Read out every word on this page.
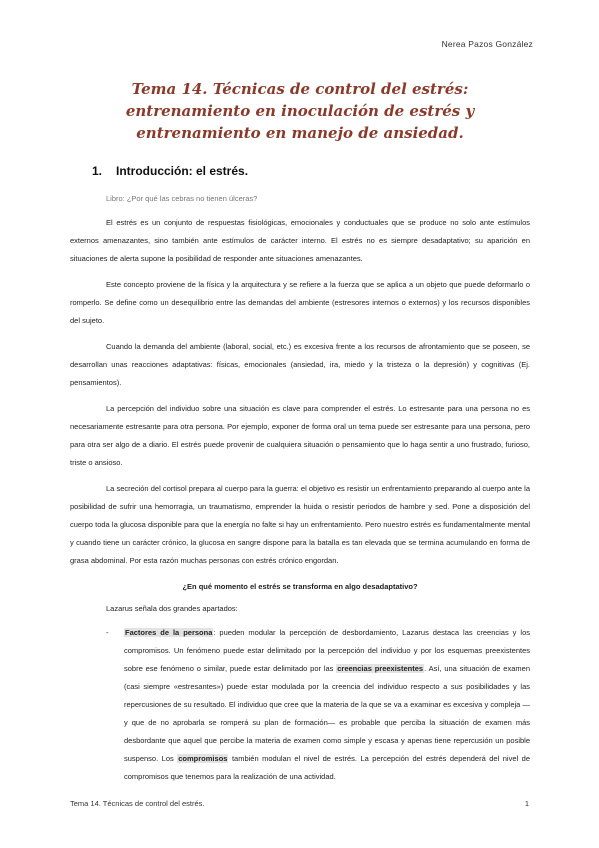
Nerea Pazos González
Tema 14. Técnicas de control del estrés: entrenamiento en inoculación de estrés y entrenamiento en manejo de ansiedad.
1. Introducción: el estrés.

Libro: ¿Por qué las cebras no tienen úlceras?

El estrés es un conjunto de respuestas fisiológicas, emocionales y conductuales que se produce no solo ante estímulos externos amenazantes, sino también ante estímulos de carácter interno. El estrés no es siempre desadaptativo; su aparición en situaciones de alerta supone la posibilidad de responder ante situaciones amenazantes.

Este concepto proviene de la física y la arquitectura y se refiere a la fuerza que se aplica a un objeto que puede deformarlo o romperlo. Se define como un desequilibrio entre las demandas del ambiente (estresores internos o externos) y los recursos disponibles del sujeto.

Cuando la demanda del ambiente (laboral, social, etc.) es excesiva frente a los recursos de afrontamiento que se poseen, se desarrollan unas reacciones adaptativas: físicas, emocionales (ansiedad, ira, miedo y la tristeza o la depresión) y cognitivas (Ej. pensamientos).

La percepción del individuo sobre una situación es clave para comprender el estrés. Lo estresante para una persona no es necesariamente estresante para otra persona. Por ejemplo, exponer de forma oral un tema puede ser estresante para una persona, pero para otra ser algo de a diario. El estrés puede provenir de cualquiera situación o pensamiento que lo haga sentir a uno frustrado, furioso, triste o ansioso.

La secreción del cortisol prepara al cuerpo para la guerra: el objetivo es resistir un enfrentamiento preparando al cuerpo ante la posibilidad de sufrir una hemorragia, un traumatismo, emprender la huida o resistir periodos de hambre y sed. Pone a disposición del cuerpo toda la glucosa disponible para que la energía no falte si hay un enfrentamiento. Pero nuestro estrés es fundamentalmente mental y cuando tiene un carácter crónico, la glucosa en sangre dispone para la batalla es tan elevada que se termina acumulando en forma de grasa abdominal. Por esta razón muchas personas con estrés crónico engordan.

¿En qué momento el estrés se transforma en algo desadaptativo?

Lazarus señala dos grandes apartados:

-	Factores de la persona: pueden modular la percepción de desbordamiento, Lazarus destaca las creencias y los compromisos. Un fenómeno puede estar delimitado por la percepción del individuo y por los esquemas preexistentes sobre ese fenómeno o similar, puede estar delimitado por las creencias preexistentes. Así, una situación de examen (casi siempre «estresantes») puede estar modulada por la creencia del individuo respecto a sus posibilidades y las repercusiones de su resultado. El individuo que cree que la materia de la que se va a examinar es excesiva y compleja —y que de no aprobarla se romperá su plan de formación— es probable que perciba la situación de examen más desbordante que aquel que percibe la materia de examen como simple y escasa y apenas tiene repercusión un posible suspenso. Los compromisos también modulan el nivel de estrés. La percepción del estrés dependerá del nivel de compromisos que tenemos para la realización de una actividad.
Tema 14. Técnicas de control del estrés.	1
